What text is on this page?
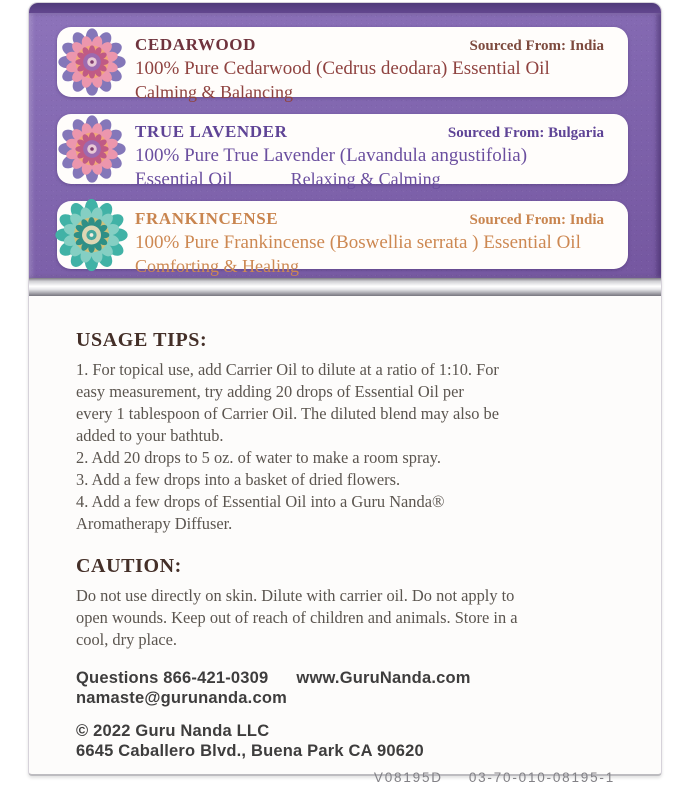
CEDARWOOD	Sourced From: India
100% Pure Cedarwood (Cedrus deodara) Essential Oil
Calming & Balancing
TRUE LAVENDER	Sourced From: Bulgaria
100% Pure True Lavender (Lavandula angustifolia)
Essential Oil	Relaxing & Calming
FRANKINCENSE	Sourced From: India
100% Pure Frankincense (Boswellia serrata ) Essential Oil
Comforting & Healing
USAGE TIPS:

1. For topical use, add Carrier Oil to dilute at a ratio of 1:10. For
easy measurement, try adding 20 drops of Essential Oil per
every 1 tablespoon of Carrier Oil. The diluted blend may also be
added to your bathtub.

2. Add 20 drops to 5 oz. of water to make a room spray.

3. Add a few drops into a basket of dried flowers.

4. Add a few drops of Essential Oil into a Guru Nanda®
Aromatherapy Diffuser.

CAUTION:

Do not use directly on skin. Dilute with carrier oil. Do not apply to
open wounds. Keep out of reach of children and animals. Store in a
cool, dry place.

Questions 866-421-0309 www.GuruNanda.com
namaste@gurunanda.com
© 2022 Guru Nanda LLC
6645 Caballero Blvd., Buena Park CA 90620
V08195D 03-70-010-08195-1
